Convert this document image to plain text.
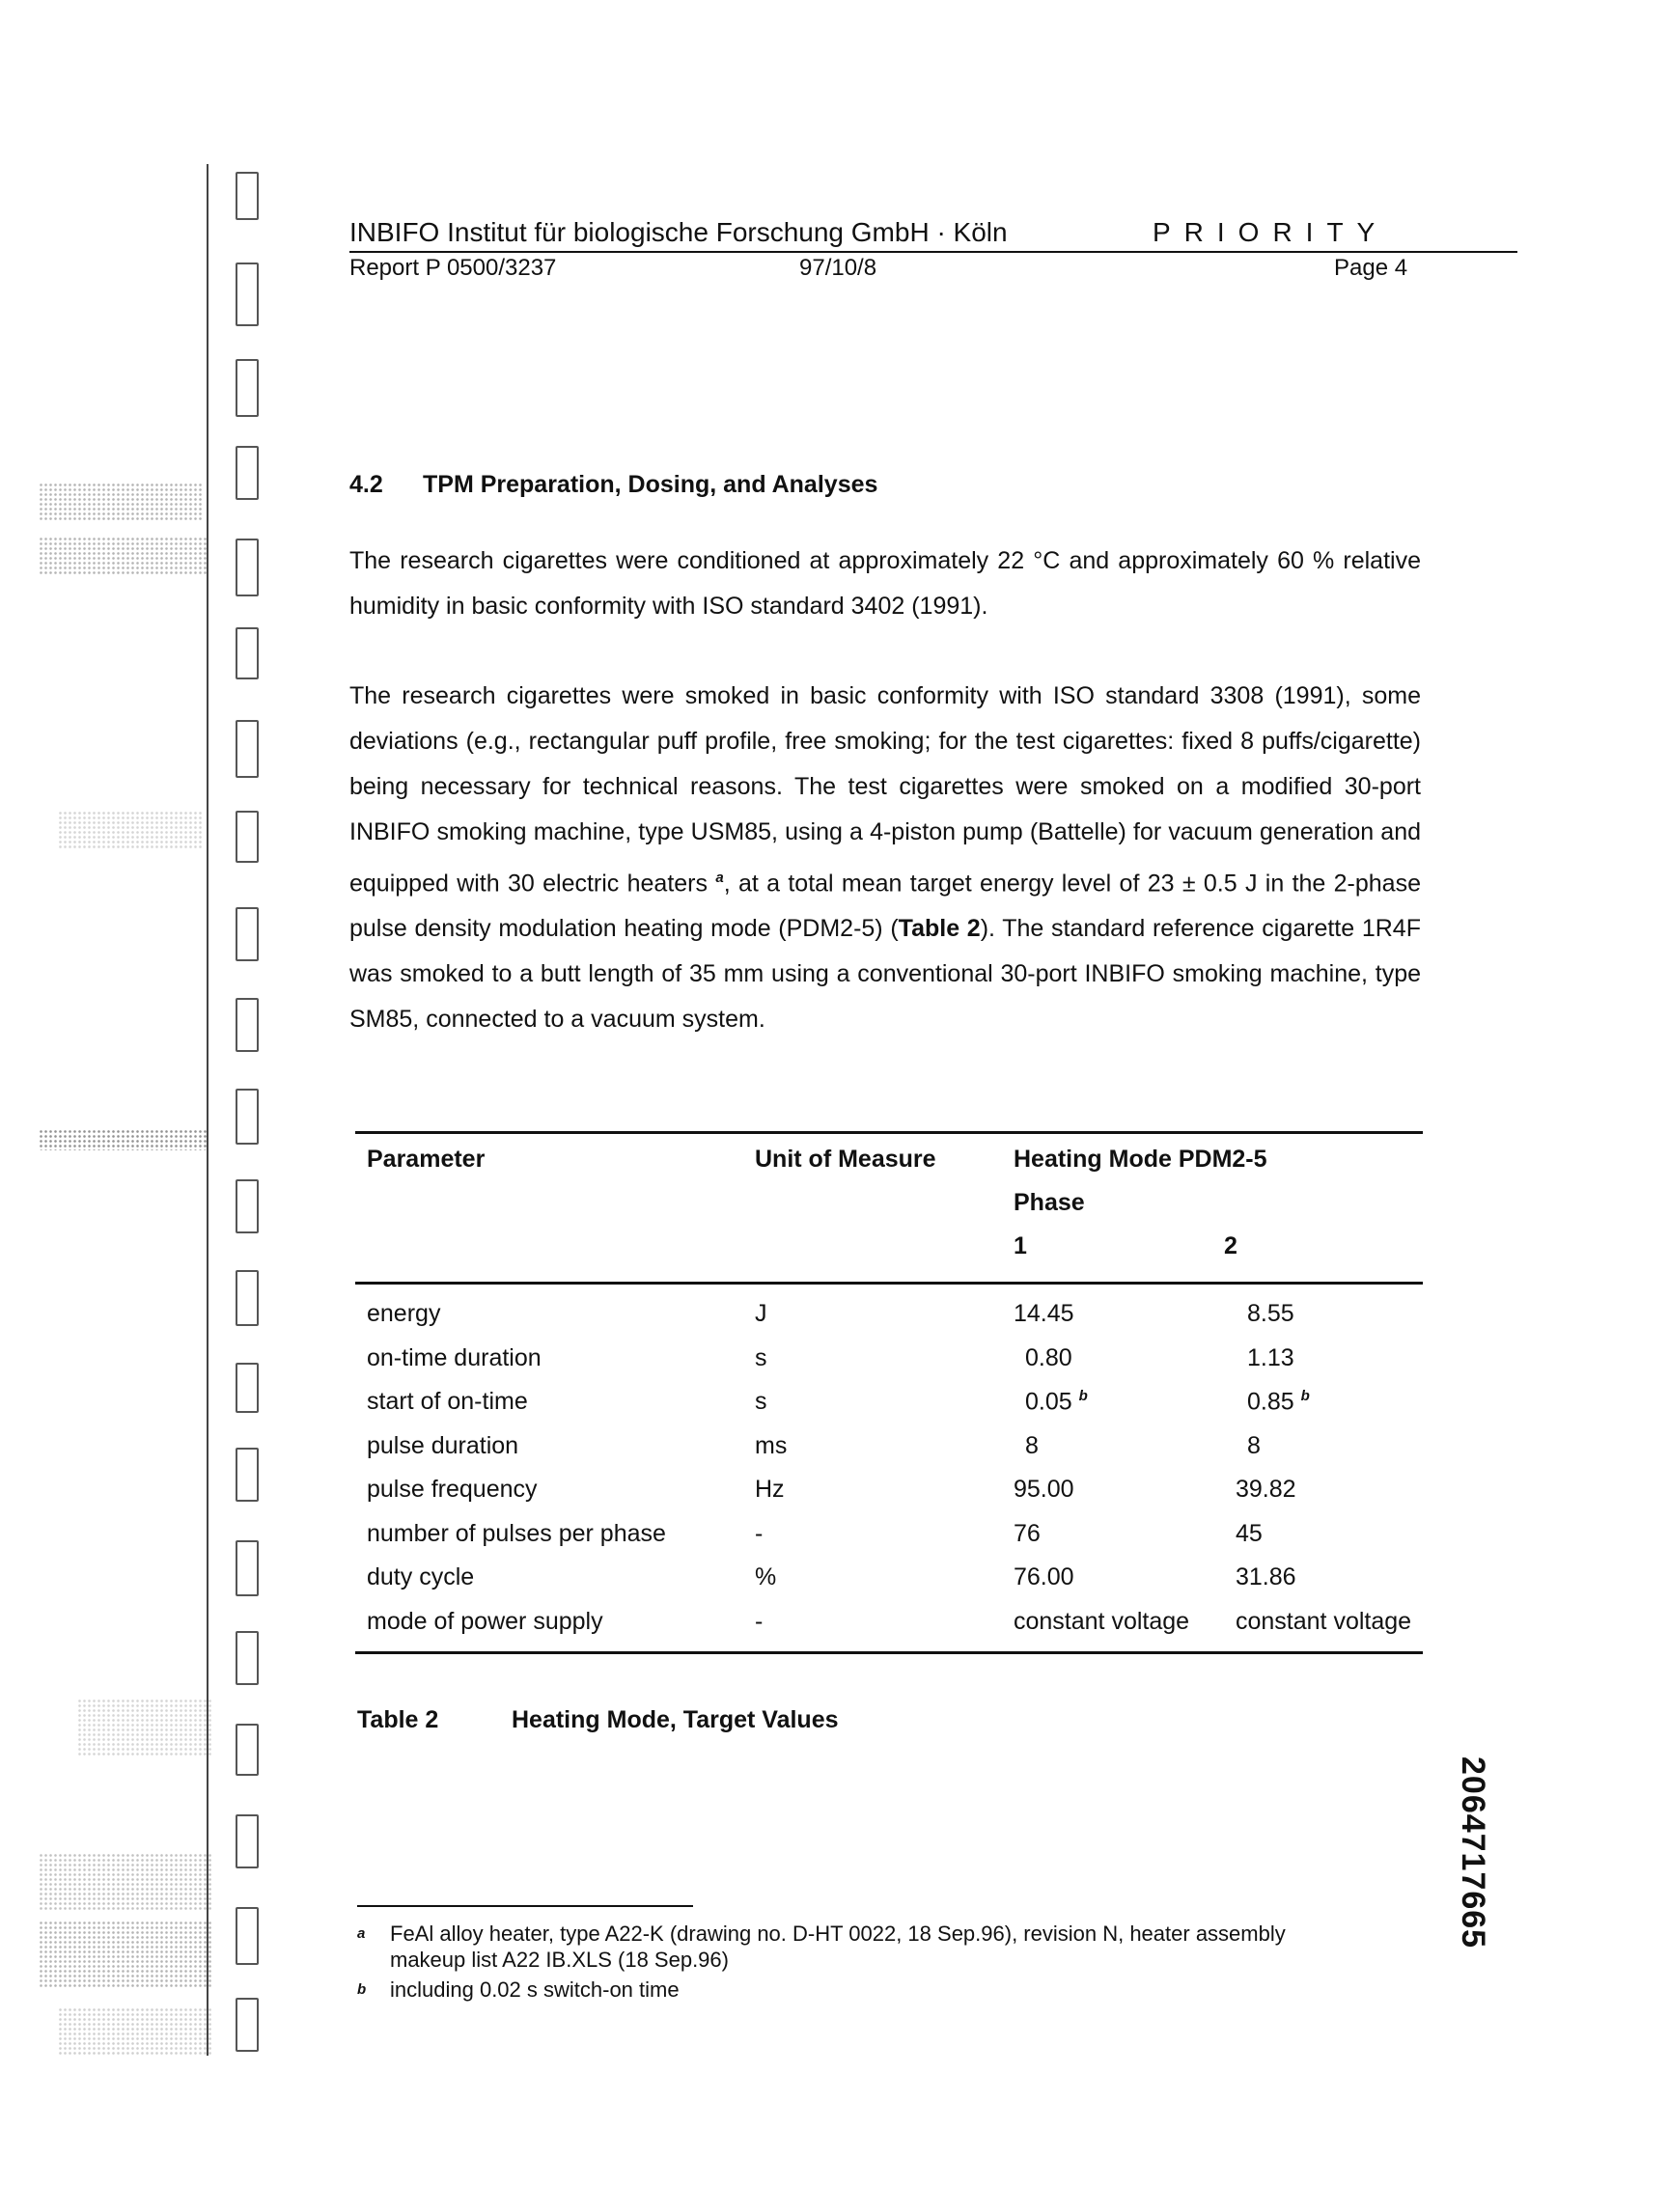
INBIFO Institut für biologische Forschung GmbH · Köln	PRIORITY
Report P 0500/3237	97/10/8	Page 4
4.2 TPM Preparation, Dosing, and Analyses
The research cigarettes were conditioned at approximately 22 °C and approximately 60 % relative humidity in basic conformity with ISO standard 3402 (1991).
The research cigarettes were smoked in basic conformity with ISO standard 3308 (1991), some deviations (e.g., rectangular puff profile, free smoking; for the test cigarettes: fixed 8 puffs/cigarette) being necessary for technical reasons. The test cigarettes were smoked on a modified 30-port INBIFO smoking machine, type USM85, using a 4-piston pump (Battelle) for vacuum generation and equipped with 30 electric heaters $^a$, at a total mean target energy level of 23 ± 0.5 J in the 2-phase pulse density modulation heating mode (PDM2-5) (Table 2). The standard reference cigarette 1R4F was smoked to a butt length of 35 mm using a conventional 30-port INBIFO smoking machine, type SM85, connected to a vacuum system.
Parameter	Unit of Measure	Heating Mode PDM2-5	
		Phase	
		1	2
energy	J	14.45	8.55
on-time duration	s	0.80	1.13
start of on-time	s	0.05 $^b$	0.85 $^b$
pulse duration	ms	8	8
pulse frequency	Hz	95.00	39.82
number of pulses per phase	-	76	45
duty cycle	%	76.00	31.86
mode of power supply	-	constant voltage	constant voltage
Table 2	Heating Mode, Target Values
a FeAl alloy heater, type A22-K (drawing no. D-HT 0022, 18 Sep.96), revision N, heater assembly makeup list A22 IB.XLS (18 Sep.96)
b including 0.02 s switch-on time
2064717665
